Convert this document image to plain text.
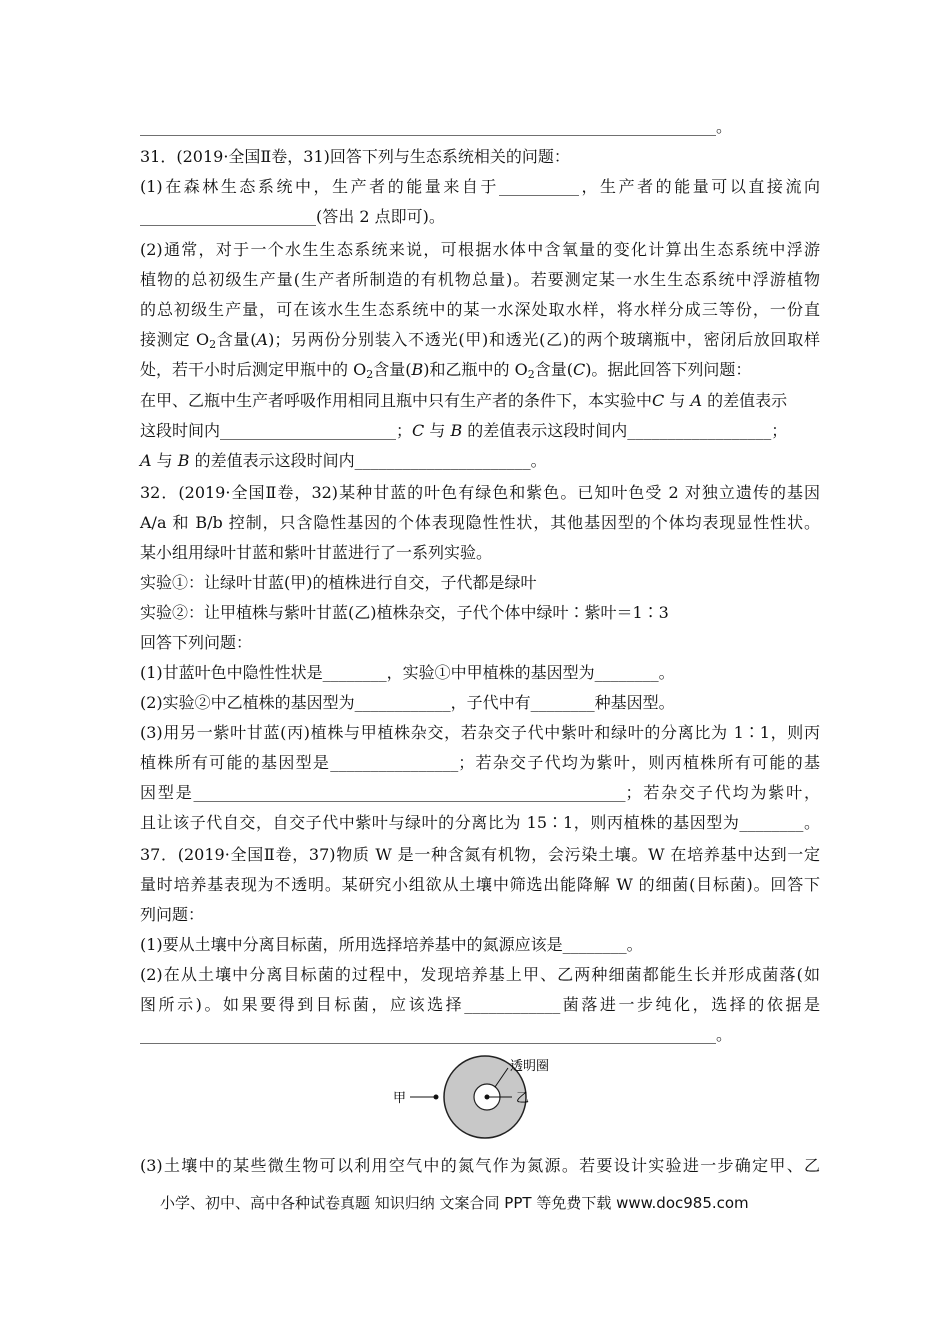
________________________________________________________________________。
31．(2019·全国Ⅱ卷，31)回答下列与生态系统相关的问题：
(1)在森林生态系统中，生产者的能量来自于__________，生产者的能量可以直接流向
______________________(答出 2 点即可)。
(2)通常，对于一个水生生态系统来说，可根据水体中含氧量的变化计算出生态系统中浮游
植物的总初级生产量(生产者所制造的有机物总量)。若要测定某一水生生态系统中浮游植物
的总初级生产量，可在该水生生态系统中的某一水深处取水样，将水样分成三等份，一份直
接测定 $O_2$含量(A)；另两份分别装入不透光(甲)和透光(乙)的两个玻璃瓶中，密闭后放回取样
处，若干小时后测定甲瓶中的 $O_2$含量(B)和乙瓶中的 $O_2$含量(C)。据此回答下列问题：
在甲、乙瓶中生产者呼吸作用相同且瓶中只有生产者的条件下，本实验中C 与 A 的差值表示
这段时间内______________________；C 与 B 的差值表示这段时间内__________________；
A 与 B 的差值表示这段时间内______________________。
32．(2019·全国Ⅱ卷，32)某种甘蓝的叶色有绿色和紫色。已知叶色受 2 对独立遗传的基因
A/a 和 B/b 控制，只含隐性基因的个体表现隐性性状，其他基因型的个体均表现显性性状。
某小组用绿叶甘蓝和紫叶甘蓝进行了一系列实验。
实验①：让绿叶甘蓝(甲)的植株进行自交，子代都是绿叶
实验②：让甲植株与紫叶甘蓝(乙)植株杂交，子代个体中绿叶∶紫叶＝1∶3
回答下列问题：
(1)甘蓝叶色中隐性性状是________，实验①中甲植株的基因型为________。
(2)实验②中乙植株的基因型为____________，子代中有________种基因型。
(3)用另一紫叶甘蓝(丙)植株与甲植株杂交，若杂交子代中紫叶和绿叶的分离比为 1∶1，则丙
植株所有可能的基因型是________________；若杂交子代均为紫叶，则丙植株所有可能的基
因型是______________________________________________________；若杂交子代均为紫叶，
且让该子代自交，自交子代中紫叶与绿叶的分离比为 15∶1，则丙植株的基因型为________。
37．(2019·全国Ⅱ卷，37)物质 W 是一种含氮有机物，会污染土壤。W 在培养基中达到一定
量时培养基表现为不透明。某研究小组欲从土壤中筛选出能降解 W 的细菌(目标菌)。回答下
列问题：
(1)要从土壤中分离目标菌，所用选择培养基中的氮源应该是________。
(2)在从土壤中分离目标菌的过程中，发现培养基上甲、乙两种细菌都能生长并形成菌落(如
图所示)。如果要得到目标菌，应该选择____________菌落进一步纯化，选择的依据是
________________________________________________________________________。
甲	乙
透明圈
(3)土壤中的某些微生物可以利用空气中的氮气作为氮源。若要设计实验进一步确定甲、乙
小学、初中、高中各种试卷真题 知识归纳 文案合同 PPT 等免费下载 www.doc985.com
